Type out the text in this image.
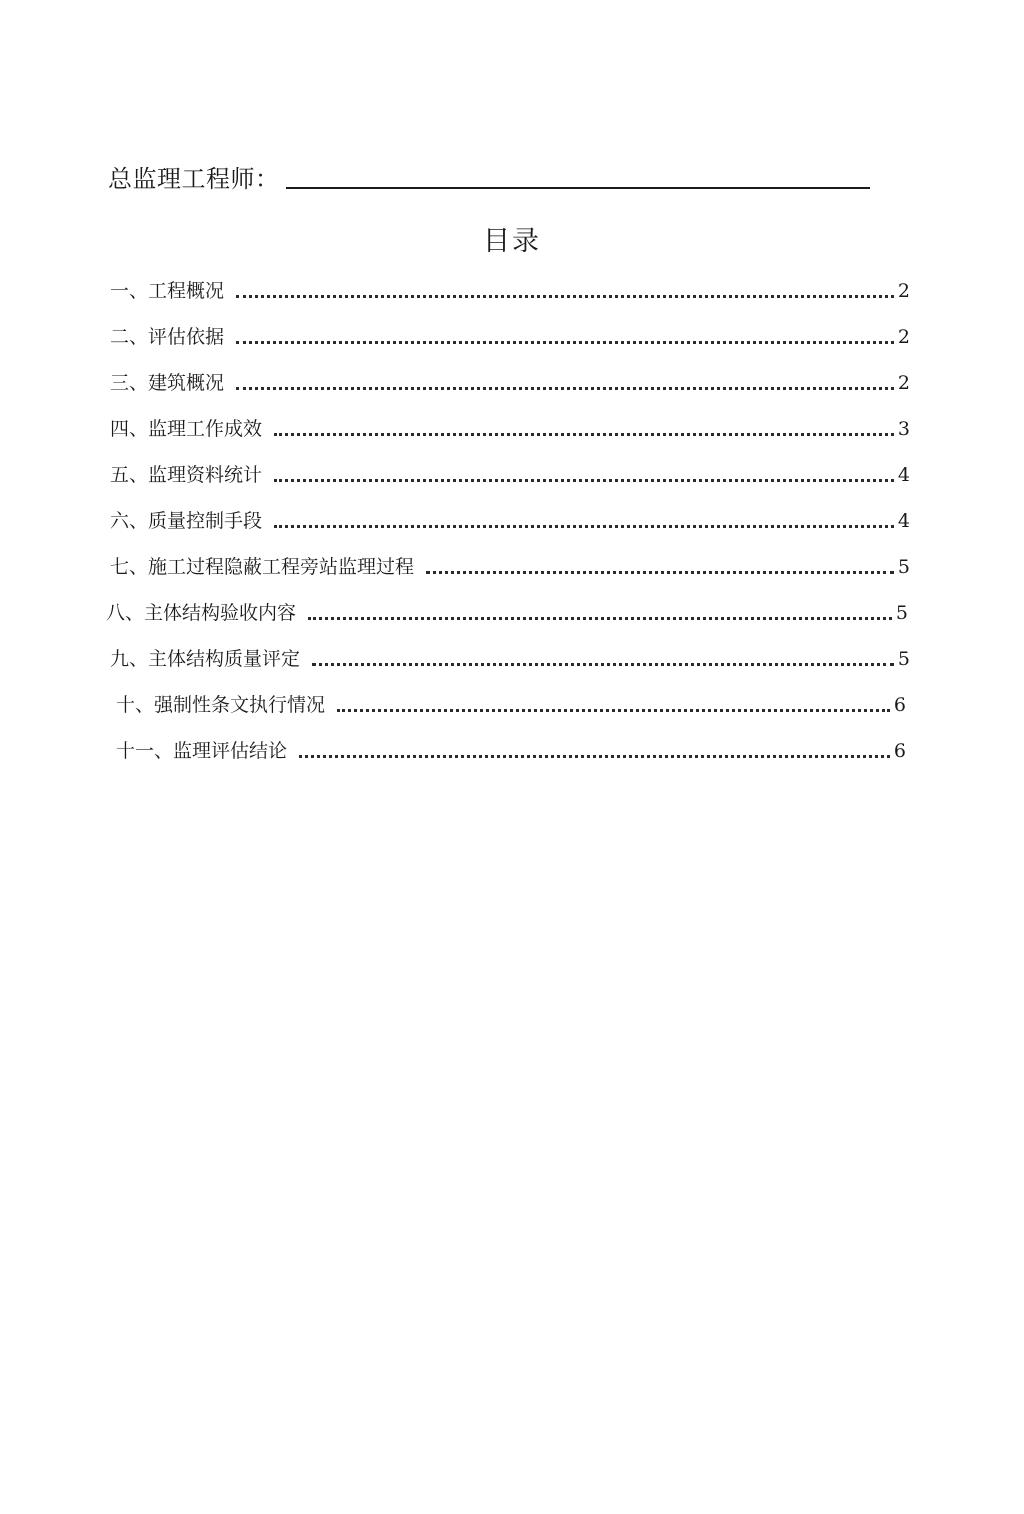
总监理工程师：
目录
一、工程概况	2
二、评估依据	2
三、建筑概况	2
四、监理工作成效	3
五、监理资料统计	4
六、质量控制手段	4
七、施工过程隐蔽工程旁站监理过程	5
八、主体结构验收内容	5
九、主体结构质量评定	5
十、强制性条文执行情况	6
十一、监理评估结论	6
